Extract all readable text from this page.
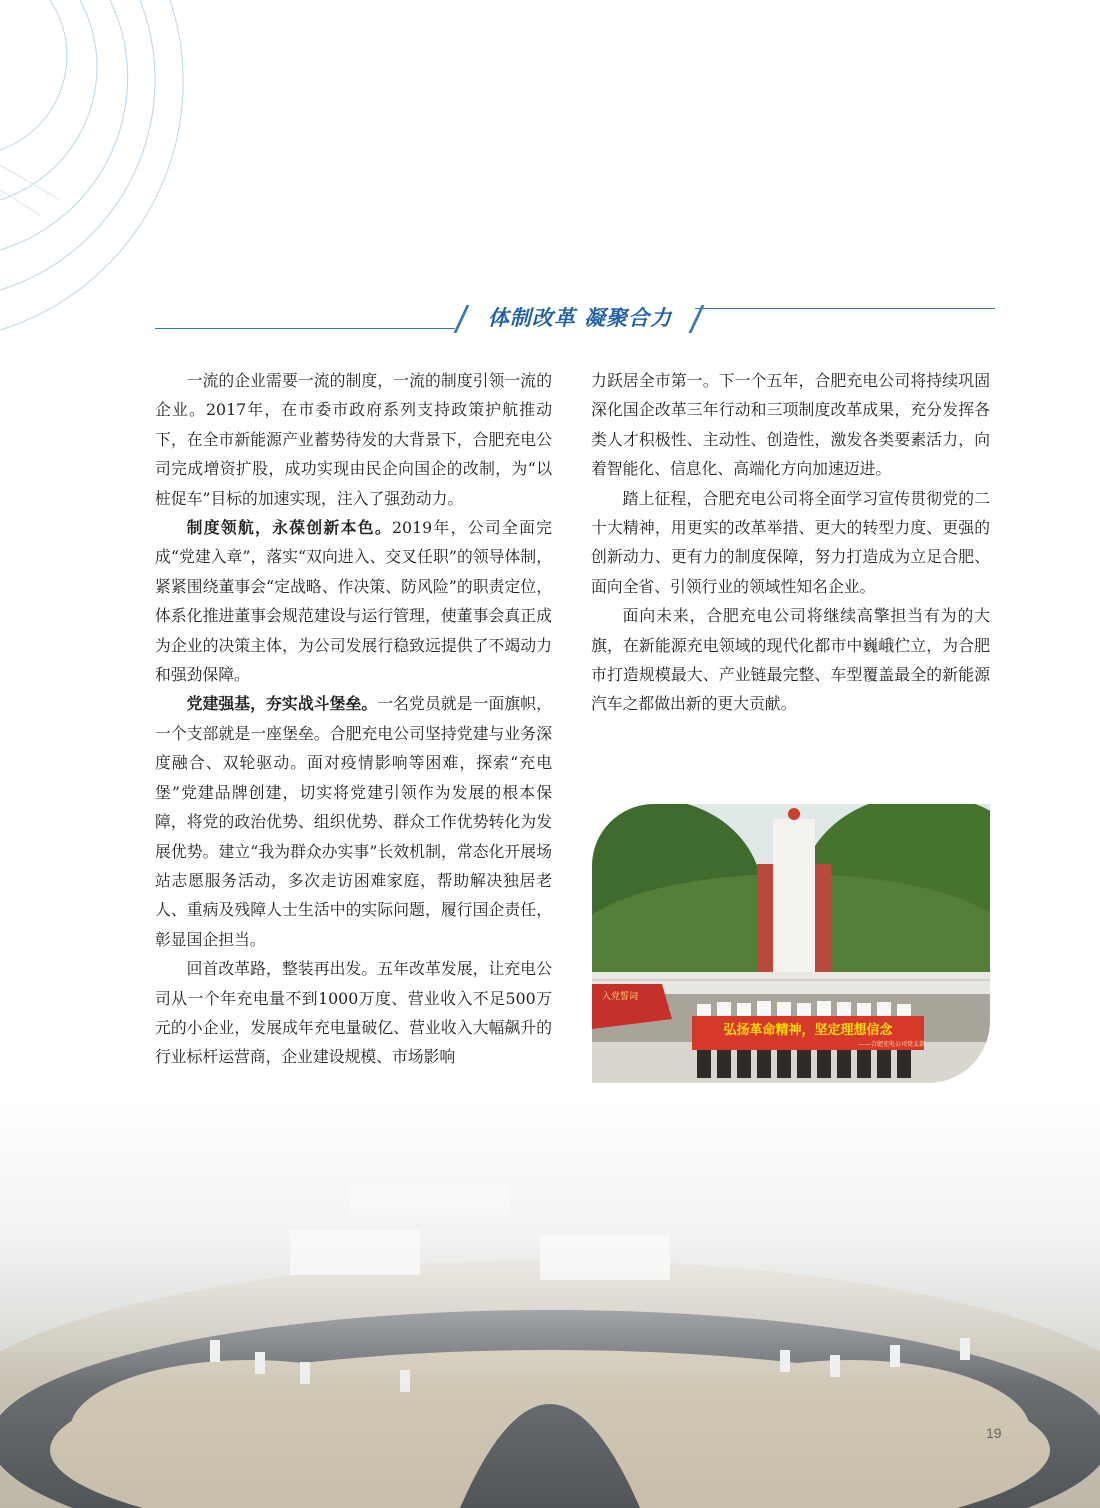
体制改革 凝聚合力

一流的企业需要一流的制度，一流的制度引领一流的企业。2017年，在市委市政府系列支持政策护航推动下，在全市新能源产业蓄势待发的大背景下，合肥充电公司完成增资扩股，成功实现由民企向国企的改制，为“以桩促车”目标的加速实现，注入了强劲动力。

制度领航，永葆创新本色。2019年，公司全面完成“党建入章”，落实“双向进入、交叉任职”的领导体制，紧紧围绕董事会“定战略、作决策、防风险”的职责定位，体系化推进董事会规范建设与运行管理，使董事会真正成为企业的决策主体，为公司发展行稳致远提供了不竭动力和强劲保障。

党建强基，夯实战斗堡垒。一名党员就是一面旗帜，一个支部就是一座堡垒。合肥充电公司坚持党建与业务深度融合、双轮驱动。面对疫情影响等困难，探索“充电堡”党建品牌创建，切实将党建引领作为发展的根本保障，将党的政治优势、组织优势、群众工作优势转化为发展优势。建立“我为群众办实事”长效机制，常态化开展场站志愿服务活动，多次走访困难家庭，帮助解决独居老人、重病及残障人士生活中的实际问题，履行国企责任，彰显国企担当。

回首改革路，整装再出发。五年改革发展，让充电公司从一个年充电量不到1000万度、营业收入不足500万元的小企业，发展成年充电量破亿、营业收入大幅飙升的行业标杆运营商，企业建设规模、市场影响

力跃居全市第一。下一个五年，合肥充电公司将持续巩固深化国企改革三年行动和三项制度改革成果，充分发挥各类人才积极性、主动性、创造性，激发各类要素活力，向着智能化、信息化、高端化方向加速迈进。

踏上征程，合肥充电公司将全面学习宣传贯彻党的二十大精神，用更实的改革举措、更大的转型力度、更强的创新动力、更有力的制度保障，努力打造成为立足合肥、面向全省、引领行业的领域性知名企业。

面向未来，合肥充电公司将继续高擎担当有为的大旗，在新能源充电领域的现代化都市中巍峨伫立，为合肥市打造规模最大、产业链最完整、车型覆盖最全的新能源汽车之都做出新的更大贡献。

入党誓词
弘扬革命精神，坚定理想信念
——合肥充电公司党支部
19
